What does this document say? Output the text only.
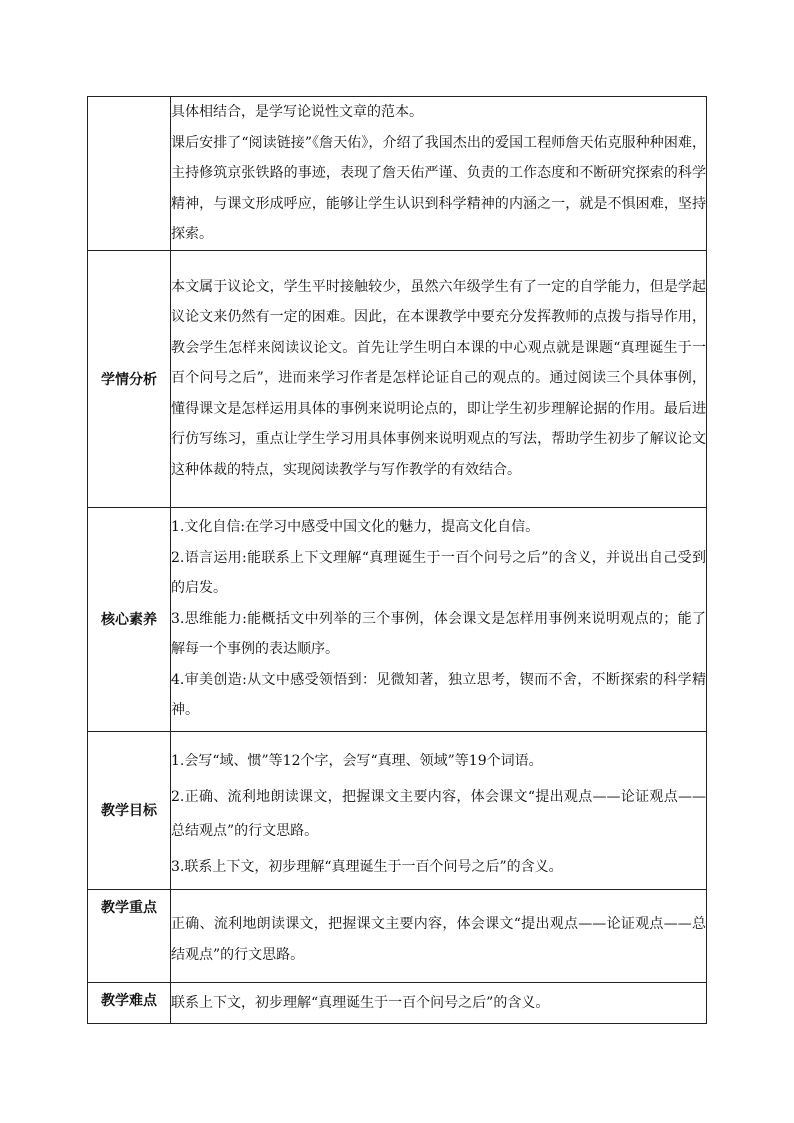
	具体相结合，是学写论说性文章的范本。

课后安排了“阅读链接”《詹天佑》，介绍了我国杰出的爱国工程师詹天佑克服种种困难，主持修筑京张铁路的事迹，表现了詹天佑严谨、负责的工作态度和不断研究探索的科学精神，与课文形成呼应，能够让学生认识到科学精神的内涵之一，就是不惧困难，坚持探索。

学情分析	本文属于议论文，学生平时接触较少，虽然六年级学生有了一定的自学能力，但是学起议论文来仍然有一定的困难。因此，在本课教学中要充分发挥教师的点拨与指导作用，教会学生怎样来阅读议论文。首先让学生明白本课的中心观点就是课题“真理诞生于一百个问号之后”，进而来学习作者是怎样论证自己的观点的。通过阅读三个具体事例，懂得课文是怎样运用具体的事例来说明论点的，即让学生初步理解论据的作用。最后进行仿写练习，重点让学生学习用具体事例来说明观点的写法，帮助学生初步了解议论文这种体裁的特点，实现阅读教学与写作教学的有效结合。

核心素养	1.文化自信:在学习中感受中国文化的魅力，提高文化自信。

2.语言运用:能联系上下文理解“真理诞生于一百个问号之后”的含义，并说出自己受到的启发。

3.思维能力:能概括文中列举的三个事例，体会课文是怎样用事例来说明观点的；能了解每一个事例的表达顺序。

4.审美创造:从文中感受领悟到：见微知著，独立思考，锲而不舍，不断探索的科学精神。

教学目标	1.会写“域、惯”等12个字，会写“真理、领域”等19个词语。

2.正确、流利地朗读课文，把握课文主要内容，体会课文“提出观点——论证观点——总结观点”的行文思路。

3.联系上下文，初步理解“真理诞生于一百个问号之后”的含义。

教学重点	正确、流利地朗读课文，把握课文主要内容，体会课文“提出观点——论证观点——总结观点”的行文思路。

教学难点	联系上下文，初步理解“真理诞生于一百个问号之后”的含义。
